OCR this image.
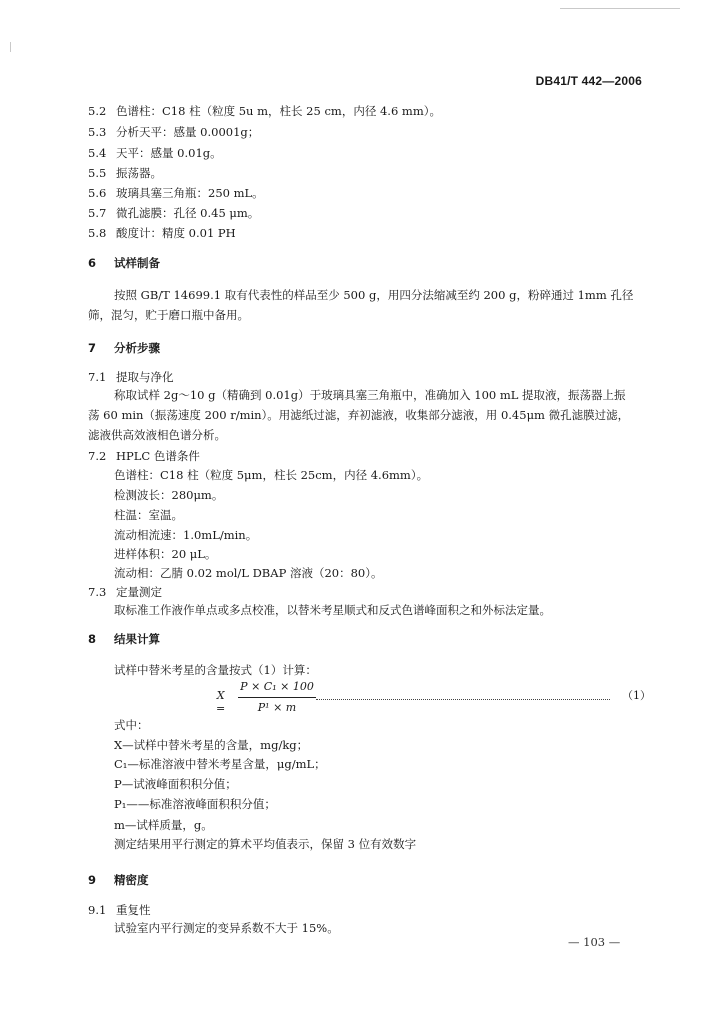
DB41/T 442—2006
5.2 色谱柱：C18 柱（粒度 5u m，柱长 25 cm，内径 4.6 mm）。
5.3 分析天平：感量 0.0001g；
5.4 天平：感量 0.01g。
5.5 振荡器。
5.6 玻璃具塞三角瓶：250 mL。
5.7 微孔滤膜：孔径 0.45 μm。
5.8 酸度计：精度 0.01 PH
6 试样制备
按照 GB/T 14699.1 取有代表性的样品至少 500 g，用四分法缩减至约 200 g，粉碎通过 1mm 孔径筛，混匀，贮于磨口瓶中备用。
7 分析步骤
7.1 提取与净化
称取试样 2g～10 g（精确到 0.01g）于玻璃具塞三角瓶中，准确加入 100 mL 提取液，振荡器上振荡 60 min（振荡速度 200 r/min）。用滤纸过滤，弃初滤液，收集部分滤液，用 0.45μm 微孔滤膜过滤，滤液供高效液相色谱分析。
7.2 HPLC 色谱条件
色谱柱：C18 柱（粒度 5μm，柱长 25cm，内径 4.6mm）。
检测波长：280μm。
柱温：室温。
流动相流速：1.0mL/min。
进样体积：20 μL。
流动相：乙腈 0.02 mol/L DBAP 溶液（20：80）。
7.3 定量测定
取标准工作液作单点或多点校准，以替米考星顺式和反式色谱峰面积之和外标法定量。
8 结果计算
试样中替米考星的含量按式（1）计算：
X =
P × C₁ × 100
P¹ × m
（1）
式中：
X—试样中替米考星的含量，mg/kg；
C₁—标准溶液中替米考星含量，μg/mL；
P—试液峰面积积分值；
P₁——标准溶液峰面积积分值；
m—试样质量，g。
测定结果用平行测定的算术平均值表示，保留 3 位有效数字
9 精密度
9.1 重复性
试验室内平行测定的变异系数不大于 15%。
— 103 —
